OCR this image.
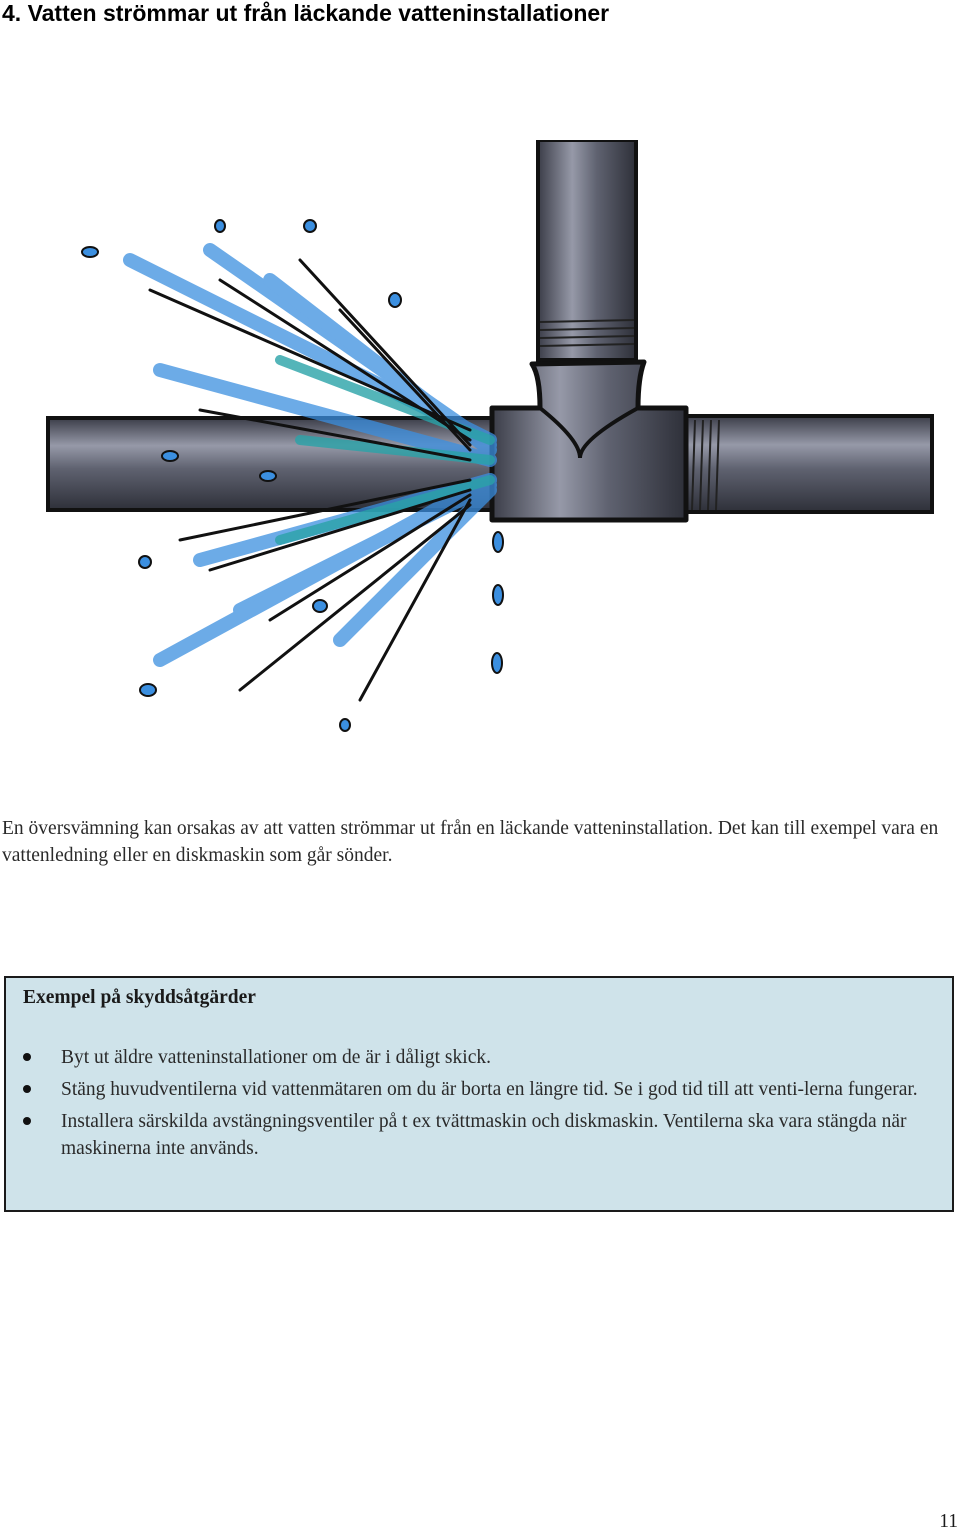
4. Vatten strömmar ut från läckande vatteninstallationer

En översvämning kan orsakas av att vatten strömmar ut från en läckande vatteninstallation. Det kan till exempel vara en vattenledning eller en diskmaskin som går sönder.

Exempel på skyddsåtgärder
Byt ut äldre vatteninstallationer om de är i dåligt skick.
Stäng huvudventilerna vid vattenmätaren om du är borta en längre tid. Se i god tid till att venti-lerna fungerar.
Installera särskilda avstängningsventiler på t ex tvättmaskin och diskmaskin. Ventilerna ska vara stängda när maskinerna inte används.
11
